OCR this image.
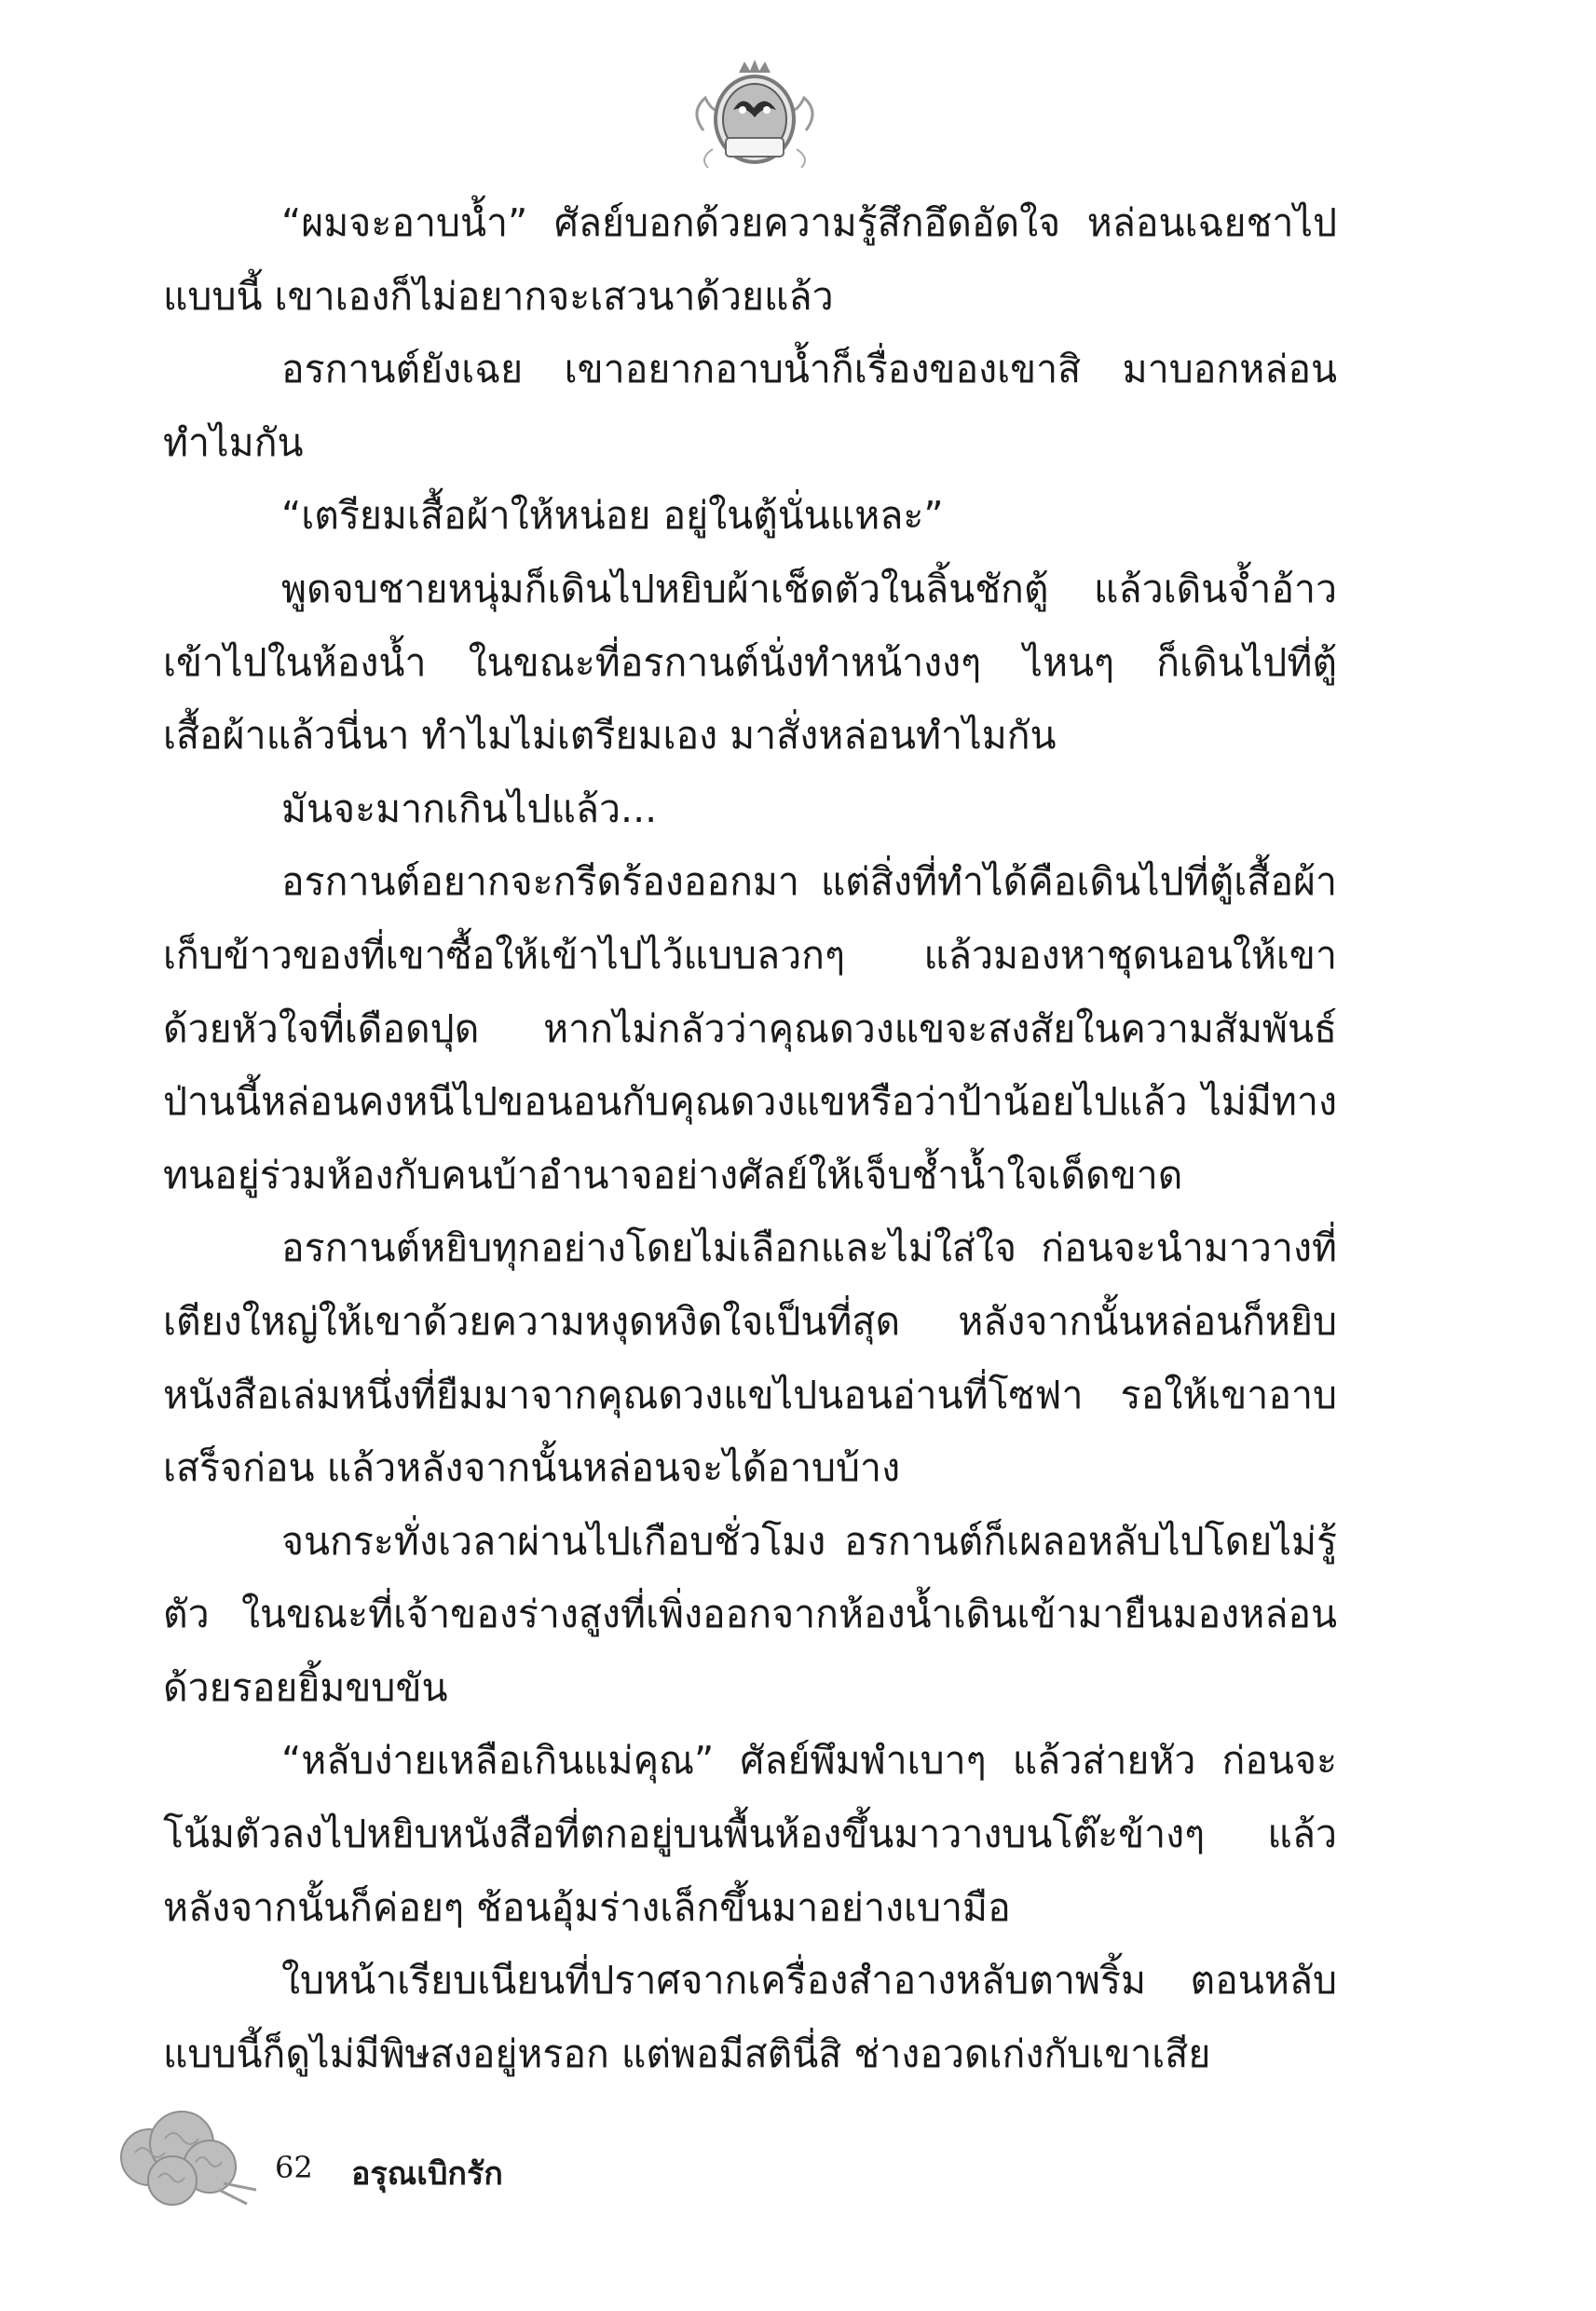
“ผมจะอาบน้ำ” ศัลย์บอกด้วยความรู้สึกอึดอัดใจ หล่อนเฉยชาไปแบบนี้ เขาเองก็ไม่อยากจะเสวนาด้วยแล้ว

อรกานต์ยังเฉย เขาอยากอาบน้ำก็เรื่องของเขาสิ มาบอกหล่อนทำไมกัน

“เตรียมเสื้อผ้าให้หน่อย อยู่ในตู้นั่นแหละ”

พูดจบชายหนุ่มก็เดินไปหยิบผ้าเช็ดตัวในลิ้นชักตู้ แล้วเดินจ้ำอ้าวเข้าไปในห้องน้ำ ในขณะที่อรกานต์นั่งทำหน้างงๆ ไหนๆ ก็เดินไปที่ตู้เสื้อผ้าแล้วนี่นา ทำไมไม่เตรียมเอง มาสั่งหล่อนทำไมกัน

มันจะมากเกินไปแล้ว...

อรกานต์อยากจะกรีดร้องออกมา แต่สิ่งที่ทำได้คือเดินไปที่ตู้เสื้อผ้าเก็บข้าวของที่เขาซื้อให้เข้าไปไว้แบบลวกๆ แล้วมองหาชุดนอนให้เขาด้วยหัวใจที่เดือดปุด หากไม่กลัวว่าคุณดวงแขจะสงสัยในความสัมพันธ์ป่านนี้หล่อนคงหนีไปขอนอนกับคุณดวงแขหรือว่าป้าน้อยไปแล้ว ไม่มีทางทนอยู่ร่วมห้องกับคนบ้าอำนาจอย่างศัลย์ให้เจ็บช้ำน้ำใจเด็ดขาด

อรกานต์หยิบทุกอย่างโดยไม่เลือกและไม่ใส่ใจ ก่อนจะนำมาวางที่เตียงใหญ่ให้เขาด้วยความหงุดหงิดใจเป็นที่สุด หลังจากนั้นหล่อนก็หยิบหนังสือเล่มหนึ่งที่ยืมมาจากคุณดวงแขไปนอนอ่านที่โซฟา รอให้เขาอาบเสร็จก่อน แล้วหลังจากนั้นหล่อนจะได้อาบบ้าง

จนกระทั่งเวลาผ่านไปเกือบชั่วโมง อรกานต์ก็เผลอหลับไปโดยไม่รู้ตัว ในขณะที่เจ้าของร่างสูงที่เพิ่งออกจากห้องน้ำเดินเข้ามายืนมองหล่อนด้วยรอยยิ้มขบขัน

“หลับง่ายเหลือเกินแม่คุณ” ศัลย์พึมพำเบาๆ แล้วส่ายหัว ก่อนจะโน้มตัวลงไปหยิบหนังสือที่ตกอยู่บนพื้นห้องขึ้นมาวางบนโต๊ะข้างๆ แล้วหลังจากนั้นก็ค่อยๆ ช้อนอุ้มร่างเล็กขึ้นมาอย่างเบามือ

ใบหน้าเรียบเนียนที่ปราศจากเครื่องสำอางหลับตาพริ้ม ตอนหลับแบบนี้ก็ดูไม่มีพิษสงอยู่หรอก แต่พอมีสตินี่สิ ช่างอวดเก่งกับเขาเสีย

62 อรุณเบิกรัก
